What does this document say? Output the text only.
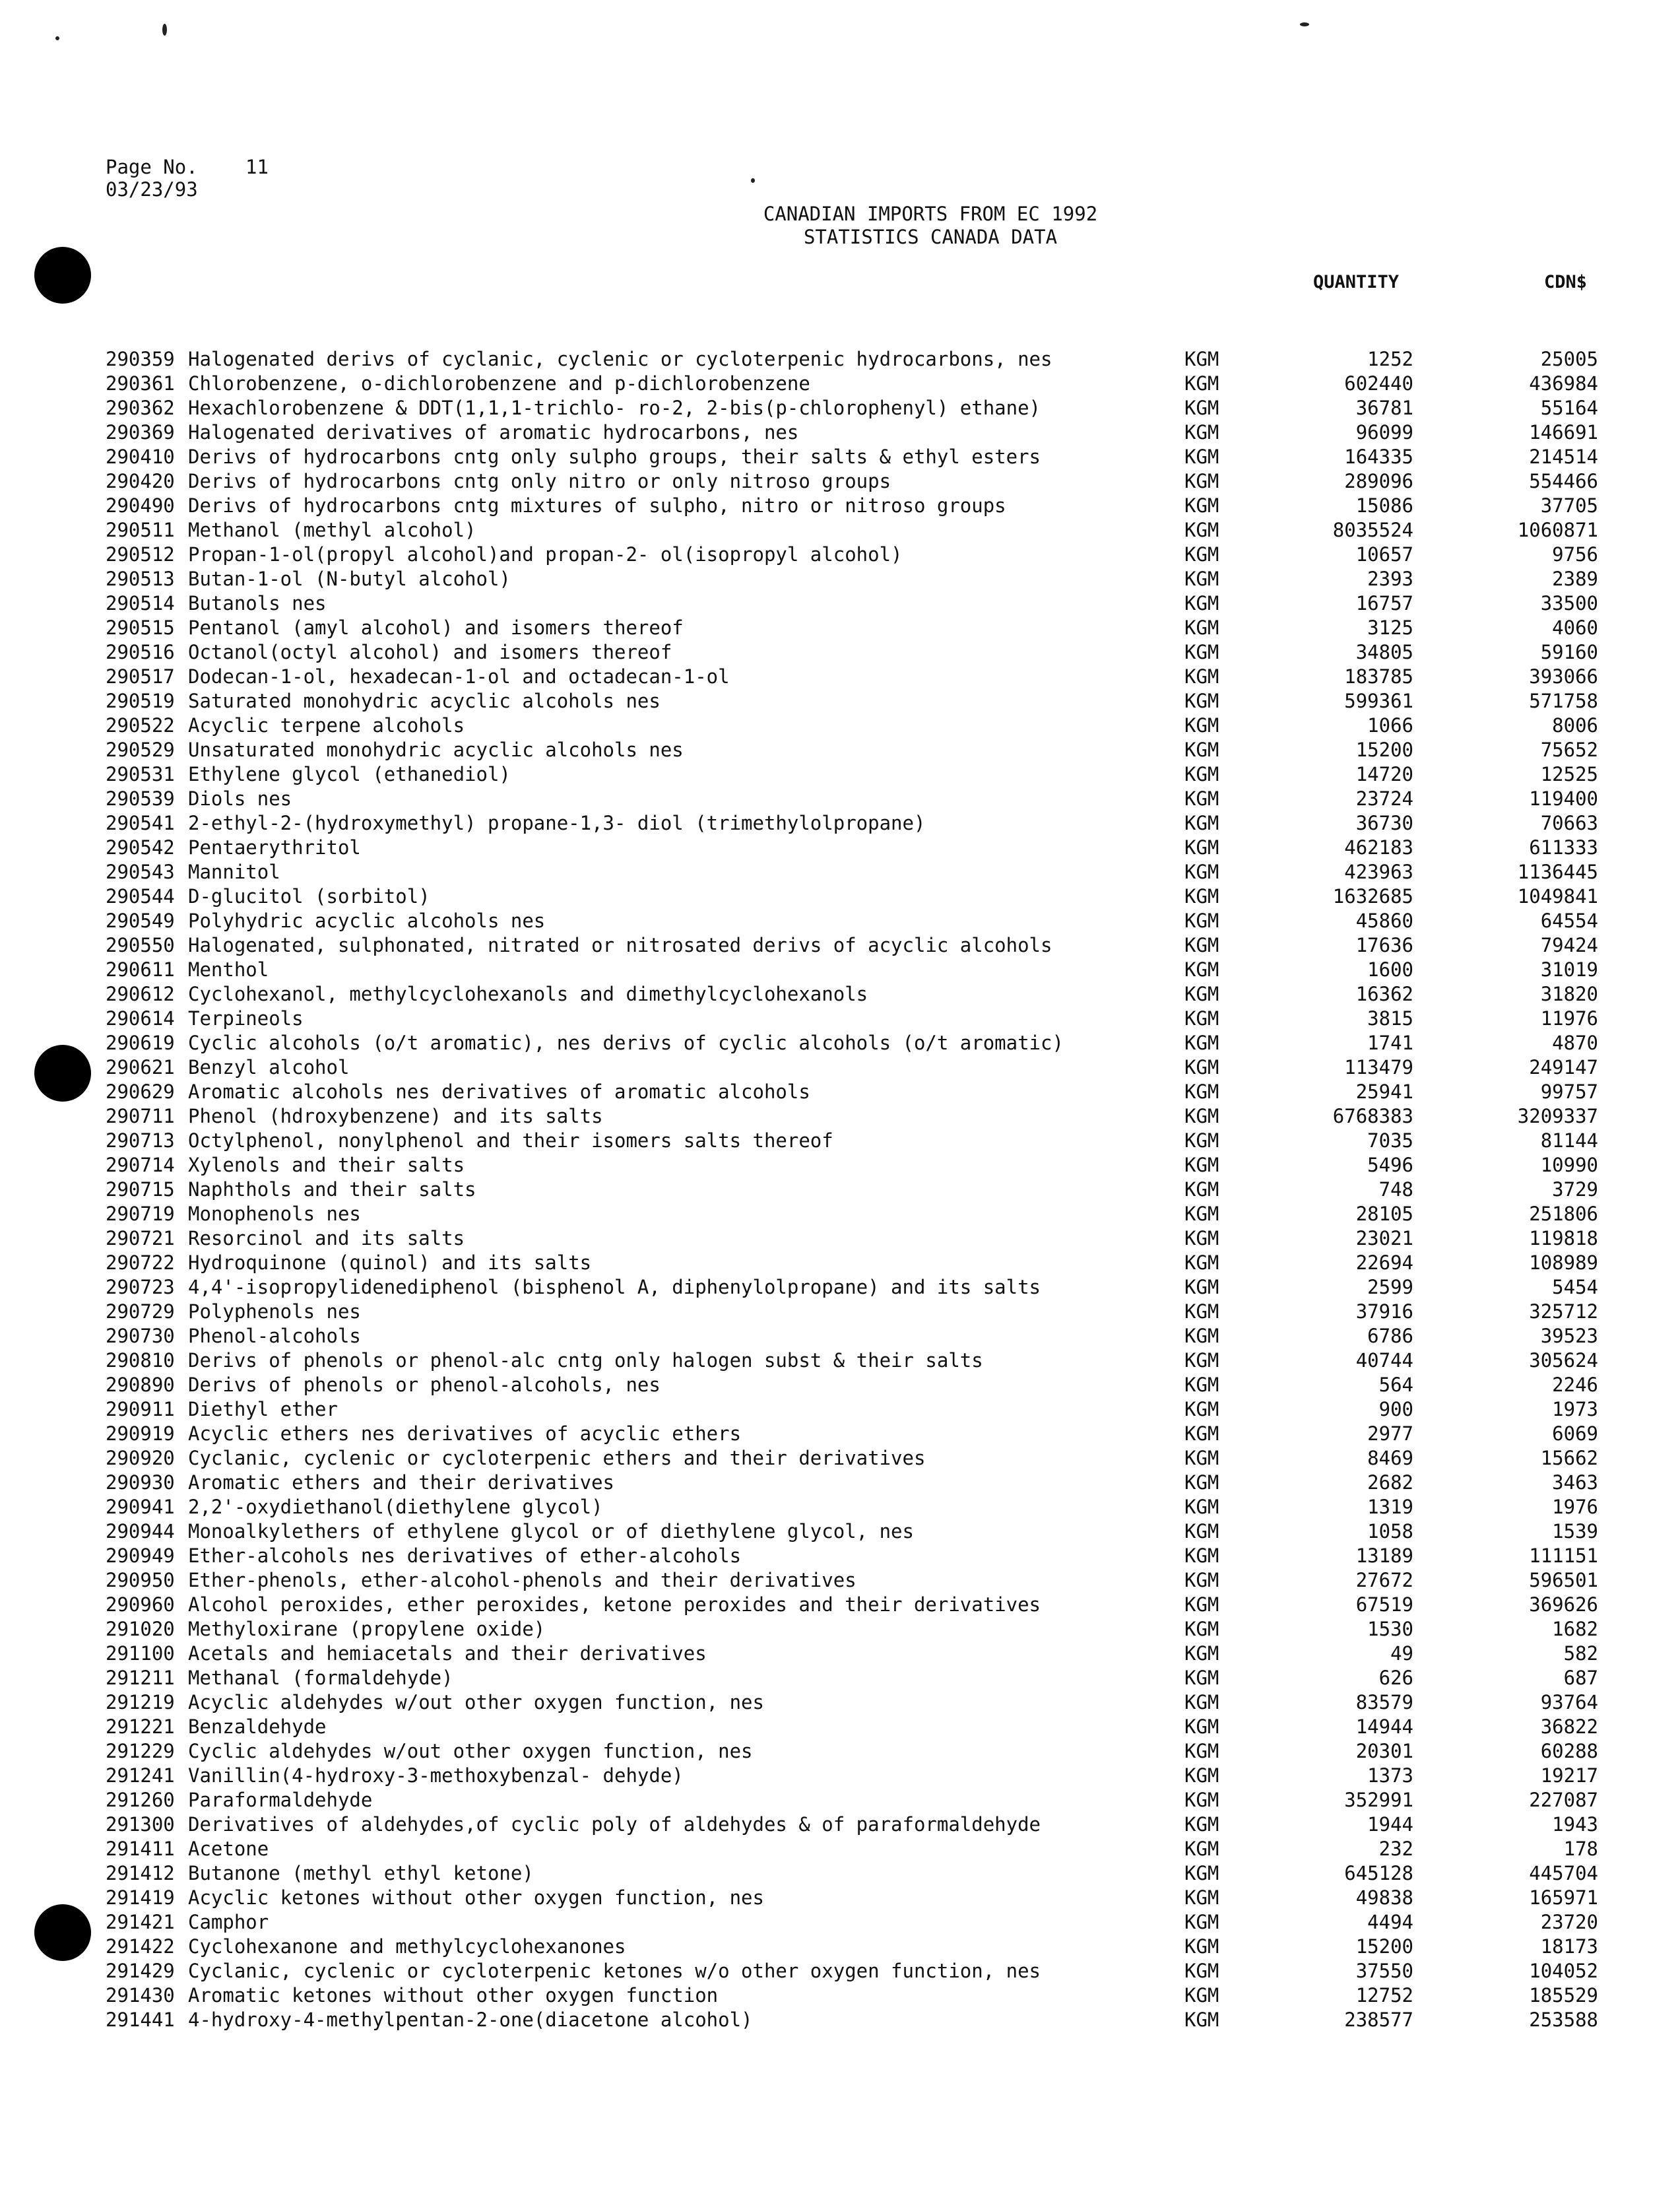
Page No. 11
03/23/93
CANADIAN IMPORTS FROM EC 1992
STATISTICS CANADA DATA
QUANTITY	CDN$
290359 Halogenated derivs of cyclanic, cyclenic or cycloterpenic hydrocarbons, nes	KGM	1252	25005
290361 Chlorobenzene, o-dichlorobenzene and p-dichlorobenzene	KGM	602440	436984
290362 Hexachlorobenzene & DDT(1,1,1-trichlo- ro-2, 2-bis(p-chlorophenyl) ethane)	KGM	36781	55164
290369 Halogenated derivatives of aromatic hydrocarbons, nes	KGM	96099	146691
290410 Derivs of hydrocarbons cntg only sulpho groups, their salts & ethyl esters	KGM	164335	214514
290420 Derivs of hydrocarbons cntg only nitro or only nitroso groups	KGM	289096	554466
290490 Derivs of hydrocarbons cntg mixtures of sulpho, nitro or nitroso groups	KGM	15086	37705
290511 Methanol (methyl alcohol)	KGM	8035524	1060871
290512 Propan-1-ol(propyl alcohol)and propan-2- ol(isopropyl alcohol)	KGM	10657	9756
290513 Butan-1-ol (N-butyl alcohol)	KGM	2393	2389
290514 Butanols nes	KGM	16757	33500
290515 Pentanol (amyl alcohol) and isomers thereof	KGM	3125	4060
290516 Octanol(octyl alcohol) and isomers thereof	KGM	34805	59160
290517 Dodecan-1-ol, hexadecan-1-ol and octadecan-1-ol	KGM	183785	393066
290519 Saturated monohydric acyclic alcohols nes	KGM	599361	571758
290522 Acyclic terpene alcohols	KGM	1066	8006
290529 Unsaturated monohydric acyclic alcohols nes	KGM	15200	75652
290531 Ethylene glycol (ethanediol)	KGM	14720	12525
290539 Diols nes	KGM	23724	119400
290541 2-ethyl-2-(hydroxymethyl) propane-1,3- diol (trimethylolpropane)	KGM	36730	70663
290542 Pentaerythritol	KGM	462183	611333
290543 Mannitol	KGM	423963	1136445
290544 D-glucitol (sorbitol)	KGM	1632685	1049841
290549 Polyhydric acyclic alcohols nes	KGM	45860	64554
290550 Halogenated, sulphonated, nitrated or nitrosated derivs of acyclic alcohols	KGM	17636	79424
290611 Menthol	KGM	1600	31019
290612 Cyclohexanol, methylcyclohexanols and dimethylcyclohexanols	KGM	16362	31820
290614 Terpineols	KGM	3815	11976
290619 Cyclic alcohols (o/t aromatic), nes derivs of cyclic alcohols (o/t aromatic)	KGM	1741	4870
290621 Benzyl alcohol	KGM	113479	249147
290629 Aromatic alcohols nes derivatives of aromatic alcohols	KGM	25941	99757
290711 Phenol (hdroxybenzene) and its salts	KGM	6768383	3209337
290713 Octylphenol, nonylphenol and their isomers salts thereof	KGM	7035	81144
290714 Xylenols and their salts	KGM	5496	10990
290715 Naphthols and their salts	KGM	748	3729
290719 Monophenols nes	KGM	28105	251806
290721 Resorcinol and its salts	KGM	23021	119818
290722 Hydroquinone (quinol) and its salts	KGM	22694	108989
290723 4,4'-isopropylidenediphenol (bisphenol A, diphenylolpropane) and its salts	KGM	2599	5454
290729 Polyphenols nes	KGM	37916	325712
290730 Phenol-alcohols	KGM	6786	39523
290810 Derivs of phenols or phenol-alc cntg only halogen subst & their salts	KGM	40744	305624
290890 Derivs of phenols or phenol-alcohols, nes	KGM	564	2246
290911 Diethyl ether	KGM	900	1973
290919 Acyclic ethers nes derivatives of acyclic ethers	KGM	2977	6069
290920 Cyclanic, cyclenic or cycloterpenic ethers and their derivatives	KGM	8469	15662
290930 Aromatic ethers and their derivatives	KGM	2682	3463
290941 2,2'-oxydiethanol(diethylene glycol)	KGM	1319	1976
290944 Monoalkylethers of ethylene glycol or of diethylene glycol, nes	KGM	1058	1539
290949 Ether-alcohols nes derivatives of ether-alcohols	KGM	13189	111151
290950 Ether-phenols, ether-alcohol-phenols and their derivatives	KGM	27672	596501
290960 Alcohol peroxides, ether peroxides, ketone peroxides and their derivatives	KGM	67519	369626
291020 Methyloxirane (propylene oxide)	KGM	1530	1682
291100 Acetals and hemiacetals and their derivatives	KGM	49	582
291211 Methanal (formaldehyde)	KGM	626	687
291219 Acyclic aldehydes w/out other oxygen function, nes	KGM	83579	93764
291221 Benzaldehyde	KGM	14944	36822
291229 Cyclic aldehydes w/out other oxygen function, nes	KGM	20301	60288
291241 Vanillin(4-hydroxy-3-methoxybenzal- dehyde)	KGM	1373	19217
291260 Paraformaldehyde	KGM	352991	227087
291300 Derivatives of aldehydes,of cyclic poly of aldehydes & of paraformaldehyde	KGM	1944	1943
291411 Acetone	KGM	232	178
291412 Butanone (methyl ethyl ketone)	KGM	645128	445704
291419 Acyclic ketones without other oxygen function, nes	KGM	49838	165971
291421 Camphor	KGM	4494	23720
291422 Cyclohexanone and methylcyclohexanones	KGM	15200	18173
291429 Cyclanic, cyclenic or cycloterpenic ketones w/o other oxygen function, nes	KGM	37550	104052
291430 Aromatic ketones without other oxygen function	KGM	12752	185529
291441 4-hydroxy-4-methylpentan-2-one(diacetone alcohol)	KGM	238577	253588
